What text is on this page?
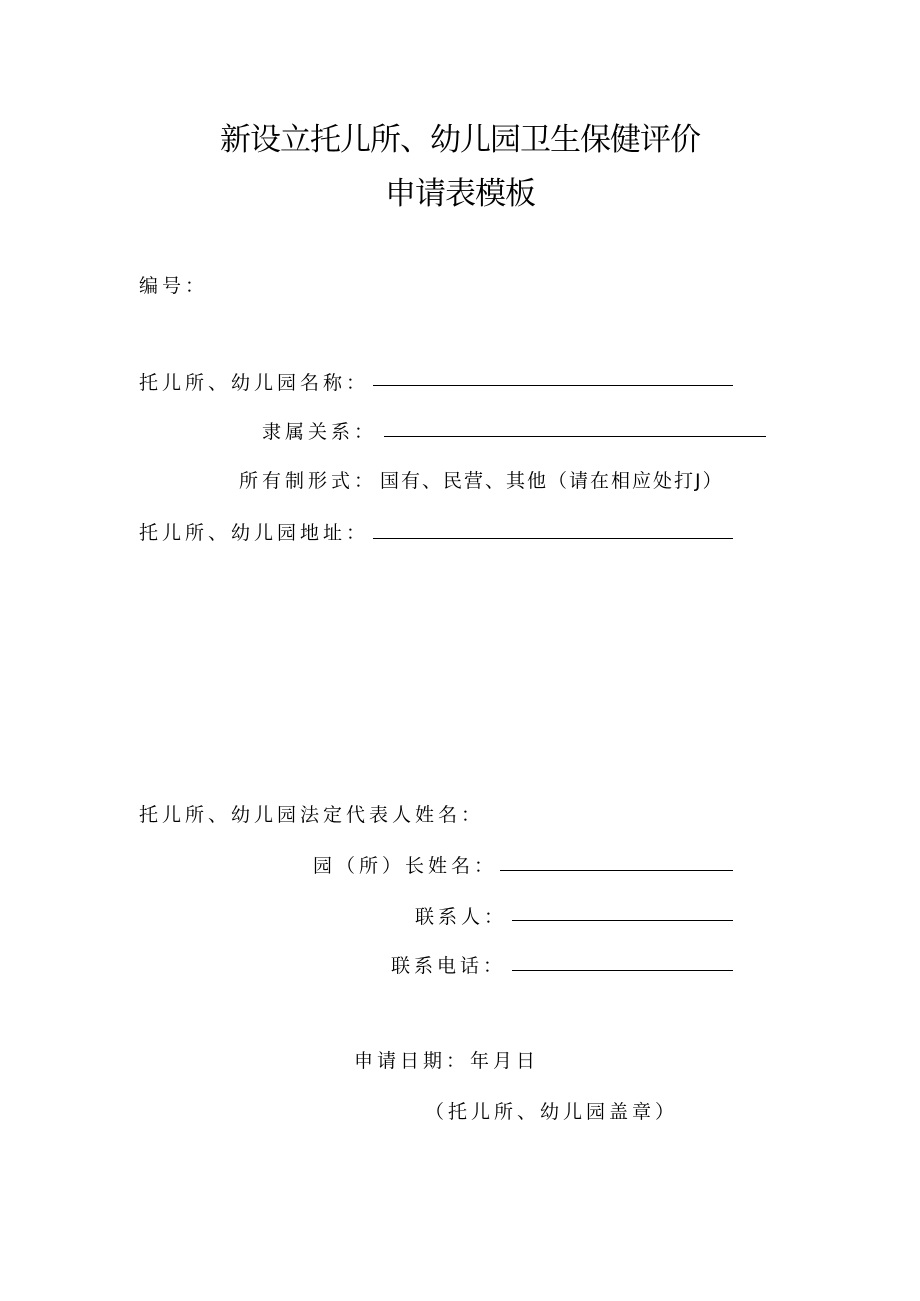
新设立托儿所、幼儿园卫生保健评价
申请表模板
编号：
托儿所、幼儿园名称：
隶属关系：
所有制形式： 国有、民营、其他（请在相应处打J）
托儿所、幼儿园地址：
托儿所、幼儿园法定代表人姓名：
园（所）长姓名：
联系人：
联系电话：
申请日期： 年月日
（托儿所、幼儿园盖章）
